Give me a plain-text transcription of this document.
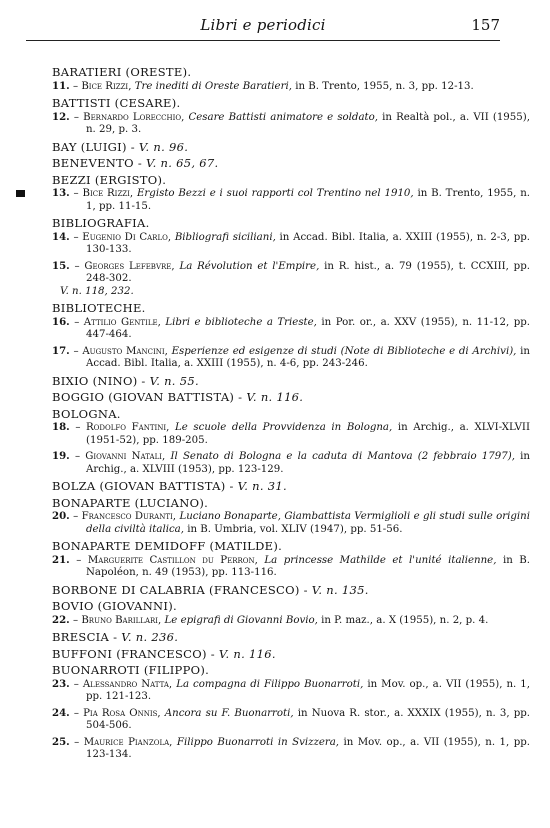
Libri e periodici	157
BARATIERI (ORESTE).
11. – Bice Rizzi, Tre inediti di Oreste Baratieri, in B. Trento, 1955, n. 3, pp. 12-13.
BATTISTI (CESARE).
12. – Bernardo Lorecchio, Cesare Battisti animatore e soldato, in Realtà pol., a. VII (1955), n. 29, p. 3.
BAY (LUIGI) - V. n. 96.
BENEVENTO - V. n. 65, 67.
BEZZI (ERGISTO).
13. – Bice Rizzi, Ergisto Bezzi e i suoi rapporti col Trentino nel 1910, in B. Trento, 1955, n. 1, pp. 11-15.
BIBLIOGRAFIA.
14. – Eugenio Di Carlo, Bibliografi siciliani, in Accad. Bibl. Italia, a. XXIII (1955), n. 2-3, pp. 130-133.
15. – Georges Lefebvre, La Révolution et l'Empire, in R. hist., a. 79 (1955), t. CCXIII, pp. 248-302.
V. n. 118, 232.
BIBLIOTECHE.
16. – Attilio Gentile, Libri e biblioteche a Trieste, in Por. or., a. XXV (1955), n. 11-12, pp. 447-464.
17. – Augusto Mancini, Esperienze ed esigenze di studi (Note di Biblioteche e di Archivi), in Accad. Bibl. Italia, a. XXIII (1955), n. 4-6, pp. 243-246.
BIXIO (NINO) - V. n. 55.
BOGGIO (GIOVAN BATTISTA) - V. n. 116.
BOLOGNA.
18. – Rodolfo Fantini, Le scuole della Provvidenza in Bologna, in Archig., a. XLVI-XLVII (1951-52), pp. 189-205.
19. – Giovanni Natali, Il Senato di Bologna e la caduta di Mantova (2 febbraio 1797), in Archig., a. XLVIII (1953), pp. 123-129.
BOLZA (GIOVAN BATTISTA) - V. n. 31.
BONAPARTE (LUCIANO).
20. – Francesco Duranti, Luciano Bonaparte, Giambattista Vermiglioli e gli studi sulle origini della civiltà italica, in B. Umbria, vol. XLIV (1947), pp. 51-56.
BONAPARTE DEMIDOFF (MATILDE).
21. – Marguerite Castillon du Perron, La princesse Mathilde et l'unité italienne, in B. Napoléon, n. 49 (1953), pp. 113-116.
BORBONE DI CALABRIA (FRANCESCO) - V. n. 135.
BOVIO (GIOVANNI).
22. – Bruno Barillari, Le epigrafi di Giovanni Bovio, in P. maz., a. X (1955), n. 2, p. 4.
BRESCIA - V. n. 236.
BUFFONI (FRANCESCO) - V. n. 116.
BUONARROTI (FILIPPO).
23. – Alessandro Natta, La compagna di Filippo Buonarroti, in Mov. op., a. VII (1955), n. 1, pp. 121-123.
24. – Pia Rosa Onnis, Ancora su F. Buonarroti, in Nuova R. stor., a. XXXIX (1955), n. 3, pp. 504-506.
25. – Maurice Pianzola, Filippo Buonarroti in Svizzera, in Mov. op., a. VII (1955), n. 1, pp. 123-134.
